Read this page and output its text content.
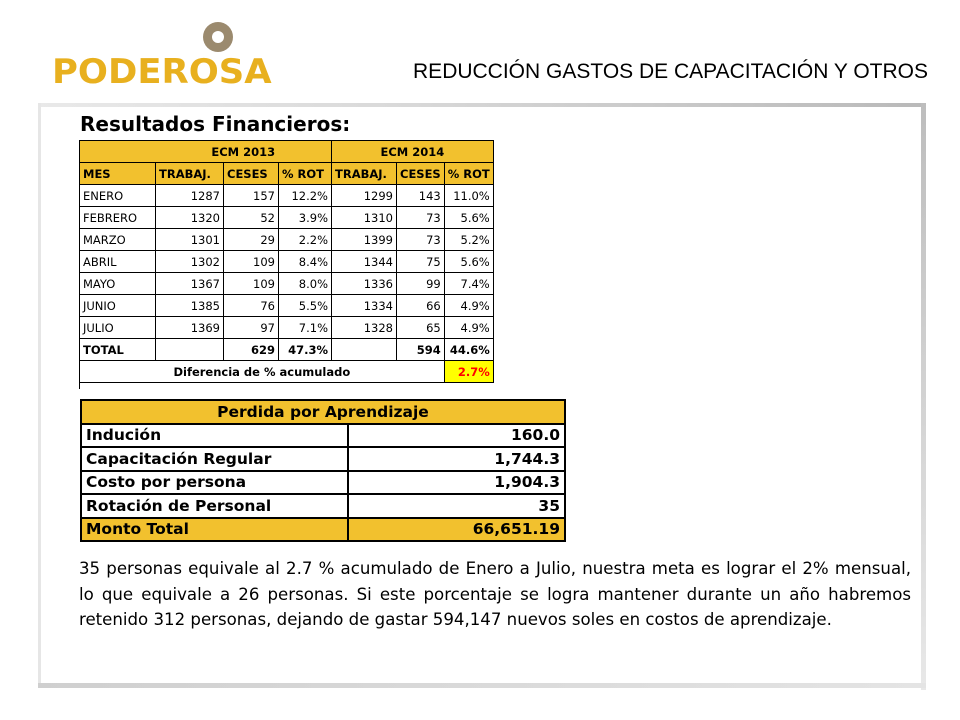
PODEROSA	REDUCCIÓN GASTOS DE CAPACITACIÓN Y OTROS
Resultados Financieros:
	ECM 2013			ECM 2014		
MES	TRABAJ.	CESES	% ROT	TRABAJ.	CESES	% ROT
ENERO	1287	157	12.2%	1299	143	11.0%
FEBRERO	1320	52	3.9%	1310	73	5.6%
MARZO	1301	29	2.2%	1399	73	5.2%
ABRIL	1302	109	8.4%	1344	75	5.6%
MAYO	1367	109	8.0%	1336	99	7.4%
JUNIO	1385	76	5.5%	1334	66	4.9%
JULIO	1369	97	7.1%	1328	65	4.9%
TOTAL		629	47.3%		594	44.6%
Diferencia de % acumulado						2.7%

Perdida por Aprendizaje	
Indución	160.0
Capacitación Regular	1,744.3
Costo por persona	1,904.3
Rotación de Personal	35
Monto Total	66,651.19

35 personas equivale al 2.7 % acumulado de Enero a Julio, nuestra meta es lograr el 2% mensual, lo que equivale a 26 personas. Si este porcentaje se logra mantener durante un año habremos retenido 312 personas, dejando de gastar 594,147 nuevos soles en costos de aprendizaje.
